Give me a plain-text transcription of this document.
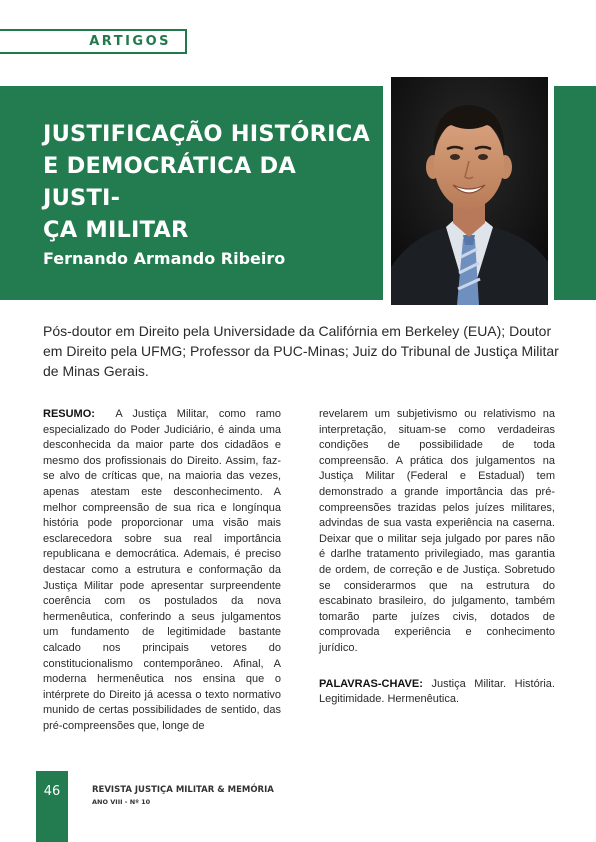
ARTIGOS
JUSTIFICAÇÃO HISTÓRICA
E DEMOCRÁTICA DA JUSTI-
ÇA MILITAR
Fernando Armando Ribeiro

Pós-doutor em Direito pela Universidade da Califórnia em Berkeley (EUA); Doutor em Direito pela UFMG; Professor da PUC-Minas; Juiz do Tribunal de Justiça Militar de Minas Gerais.

RESUMO: A Justiça Militar, como ramo especializado do Poder Judiciário, é ainda uma desconhecida da maior parte dos cidadãos e mesmo dos profissionais do Direito. Assim, faz-se alvo de críticas que, na maioria das vezes, apenas atestam este desconhecimento. A melhor compreensão de sua rica e longínqua história pode proporcionar uma visão mais esclarecedora sobre sua real importância republicana e democrática. Ademais, é preciso destacar como a estrutura e conformação da Justiça Militar pode apresentar surpreendente coerência com os postulados da nova hermenêutica, conferindo a seus julgamentos um fundamento de legitimidade bastante calcado nos principais vetores do constitucionalismo contemporâneo. Afinal, A moderna hermenêutica nos ensina que o intérprete do Direito já acessa o texto normativo munido de certas possibilidades de sentido, das pré-compreensões que, longe de

revelarem um subjetivismo ou relativismo na interpretação, situam-se como verdadeiras condições de possibilidade de toda compreensão. A prática dos julgamentos na Justiça Militar (Federal e Estadual) tem demonstrado a grande importância das pré-compreensões trazidas pelos juízes militares, advindas de sua vasta experiência na caserna. Deixar que o militar seja julgado por pares não é darlhe tratamento privilegiado, mas garantia de ordem, de correção e de Justiça. Sobretudo se considerarmos que na estrutura do escabinato brasileiro, do julgamento, também tomarão parte juízes civis, dotados de comprovada experiência e conhecimento jurídico.

PALAVRAS-CHAVE: Justiça Militar. História. Legitimidade. Hermenêutica.

46	REVISTA JUSTIÇA MILITAR & MEMÓRIA
ANO VIII - Nº 10
